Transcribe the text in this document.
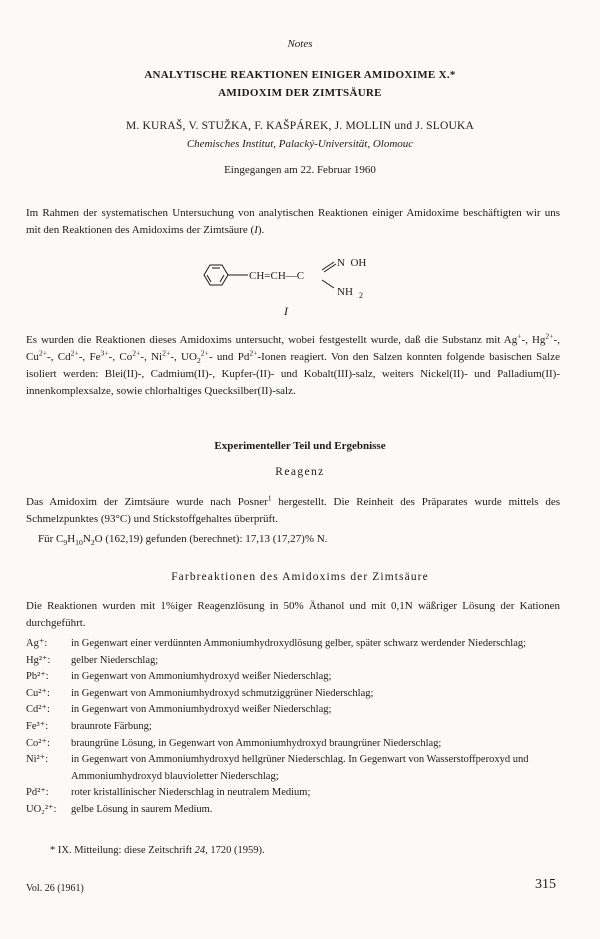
Notes
ANALYTISCHE REAKTIONEN EINIGER AMIDOXIME X.*
AMIDOXIM DER ZIMTSÄURE
M. KURAŠ, V. STUŽKA, F. KAŠPÁREK, J. MOLLIN und J. SLOUKA
Chemisches Institut, Palacký-Universität, Olomouc
Eingegangen am 22. Februar 1960
Im Rahmen der systematischen Untersuchung von analytischen Reaktionen einiger Amidoxime beschäftigten wir uns mit den Reaktionen des Amidoxims der Zimtsäure (I).
CH=CH—C
N  OH
NH 2
I
Es wurden die Reaktionen dieses Amidoxims untersucht, wobei festgestellt wurde, daß die Substanz mit Ag+-, $Hg^{2+}-$, $Cu^{2+}-$, $Cd^{2+}-$, $Fe^{3+}-$, $Co^{2+}-$, $Ni^{2+}-$, $UO_2^{2+}-$ und $Pd^{2+}$-Ionen reagiert. Von den Salzen konnten folgende basischen Salze isoliert werden: Blei(II)-, Cadmium(II)-, Kupfer-(II)- und Kobalt(III)-salz, weiters Nickel(II)- und Palladium(II)-innenkomplexsalze, sowie chlorhaltiges Quecksilber(II)-salz.
Experimenteller Teil und Ergebnisse
Reagenz
Das Amidoxim der Zimtsäure wurde nach Posner$^1$ hergestellt. Die Reinheit des Präparates wurde mittels des Schmelzpunktes (93°C) und Stickstoffgehaltes überprüft.
Für $C_9H_{10}N_2O$ (162,19) gefunden (berechnet): 17,13 (17,27)% N.
Farbreaktionen des Amidoxims der Zimtsäure
Die Reaktionen wurden mit 1%iger Reagenzlösung in 50% Äthanol und mit 0,1N wäßriger Lösung der Kationen durchgeführt.
Ag⁺:	in Gegenwart einer verdünnten Ammoniumhydroxydlösung gelber, später schwarz werdender Niederschlag;
Hg²⁺:	gelber Niederschlag;
Pb²⁺:	in Gegenwart von Ammoniumhydroxyd weißer Niederschlag;
Cu²⁺:	in Gegenwart von Ammoniumhydroxyd schmutziggrüner Niederschlag;
Cd²⁺:	in Gegenwart von Ammoniumhydroxyd weißer Niederschlag;
Fe³⁺:	braunrote Färbung;
Co²⁺:	braungrüne Lösung, in Gegenwart von Ammoniumhydroxyd braungrüner Niederschlag;
Ni²⁺:	in Gegenwart von Ammoniumhydroxyd hellgrüner Niederschlag. In Gegenwart von Wasserstoffperoxyd und Ammoniumhydroxyd blauvioletter Niederschlag;
Pd²⁺:	roter kristallinischer Niederschlag in neutralem Medium;
UO₂²⁺:	gelbe Lösung in saurem Medium.
* IX. Mitteilung: diese Zeitschrift 24, 1720 (1959).
Vol. 26 (1961)	315
